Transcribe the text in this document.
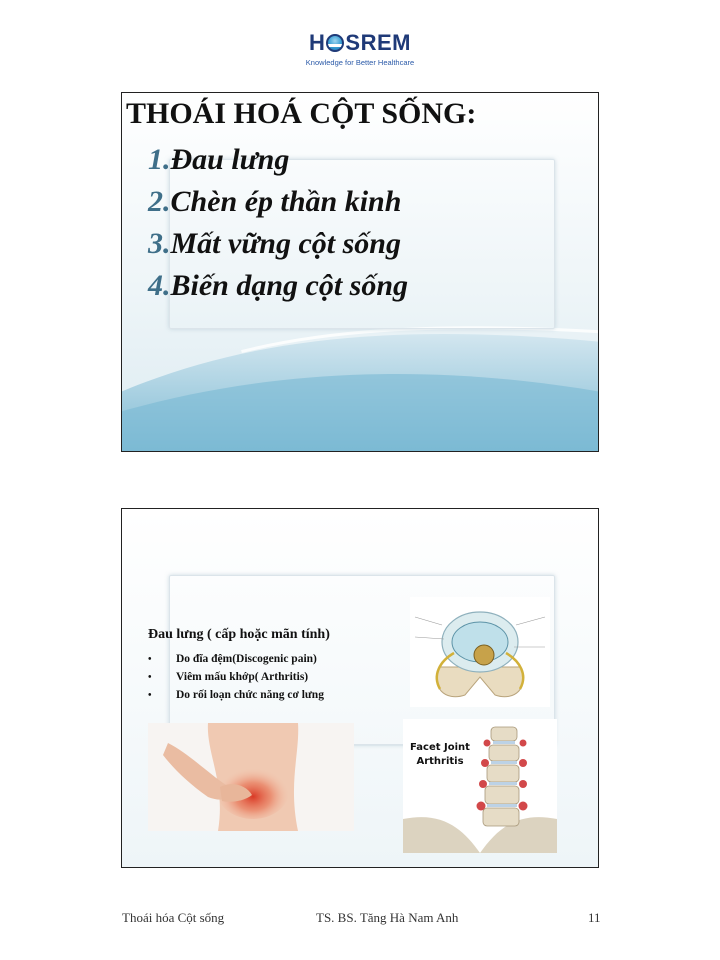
H SREM
Knowledge for Better Healthcare
THOÁI HOÁ CỘT SỐNG:
1.Đau lưng
2.Chèn ép thần kinh
3.Mất vững cột sống
4.Biến dạng cột sống
Đau lưng ( cấp hoặc mãn tính)
• Do đĩa đệm(Discogenic pain)
• Viêm mấu khớp( Arthritis)
• Do rối loạn chức năng cơ lưng
Facet Joint
Arthritis
Thoái hóa Cột sống	TS. BS. Tăng Hà Nam Anh	11
